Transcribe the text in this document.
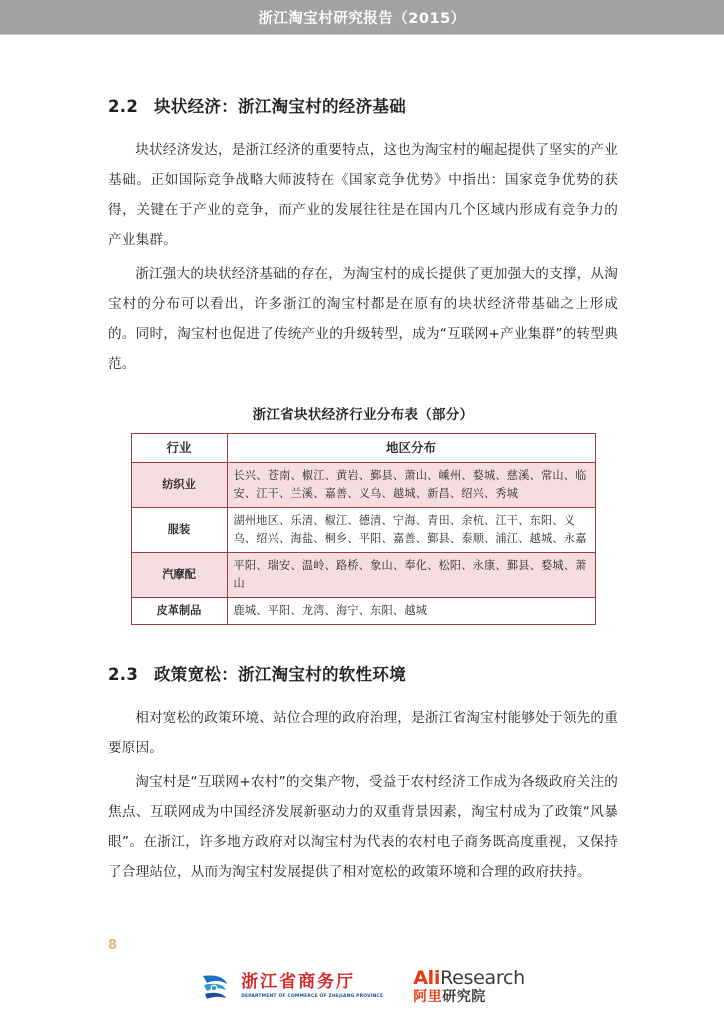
浙江淘宝村研究报告（2015）
2.2 块状经济：浙江淘宝村的经济基础

块状经济发达，是浙江经济的重要特点，这也为淘宝村的崛起提供了坚实的产业基础。正如国际竞争战略大师波特在《国家竞争优势》中指出：国家竞争优势的获得，关键在于产业的竞争，而产业的发展往往是在国内几个区域内形成有竞争力的产业集群。

浙江强大的块状经济基础的存在，为淘宝村的成长提供了更加强大的支撑，从淘宝村的分布可以看出，许多浙江的淘宝村都是在原有的块状经济带基础之上形成的。同时，淘宝村也促进了传统产业的升级转型，成为“互联网+产业集群”的转型典范。

浙江省块状经济行业分布表（部分）
行业	地区分布
纺织业	长兴、苍南、椒江、黄岩、鄞县、萧山、嵊州、婺城、慈溪、常山、临安、江干、兰溪、嘉善、义乌、越城、新昌、绍兴、秀城
服装	湖州地区、乐清、椒江、德清、宁海、青田、余杭、江干、东阳、义乌、绍兴、海盐、桐乡、平阳、嘉善、鄞县、泰顺、浦江、越城、永嘉
汽摩配	平阳、瑞安、温岭、路桥、象山、奉化、松阳、永康、鄞县、婺城、萧山
皮革制品	鹿城、平阳、龙湾、海宁、东阳、越城
2.3 政策宽松：浙江淘宝村的软性环境

相对宽松的政策环境、站位合理的政府治理，是浙江省淘宝村能够处于领先的重要原因。

淘宝村是“互联网+农村”的交集产物，受益于农村经济工作成为各级政府关注的焦点、互联网成为中国经济发展新驱动力的双重背景因素，淘宝村成为了政策“风暴眼”。在浙江，许多地方政府对以淘宝村为代表的农村电子商务既高度重视，又保持了合理站位，从而为淘宝村发展提供了相对宽松的政策环境和合理的政府扶持。

8
浙江省商务厅
DEPARTMENT OF COMMERCE OF ZHEJIANG PROVINCE
AliResearch
阿里研究院
